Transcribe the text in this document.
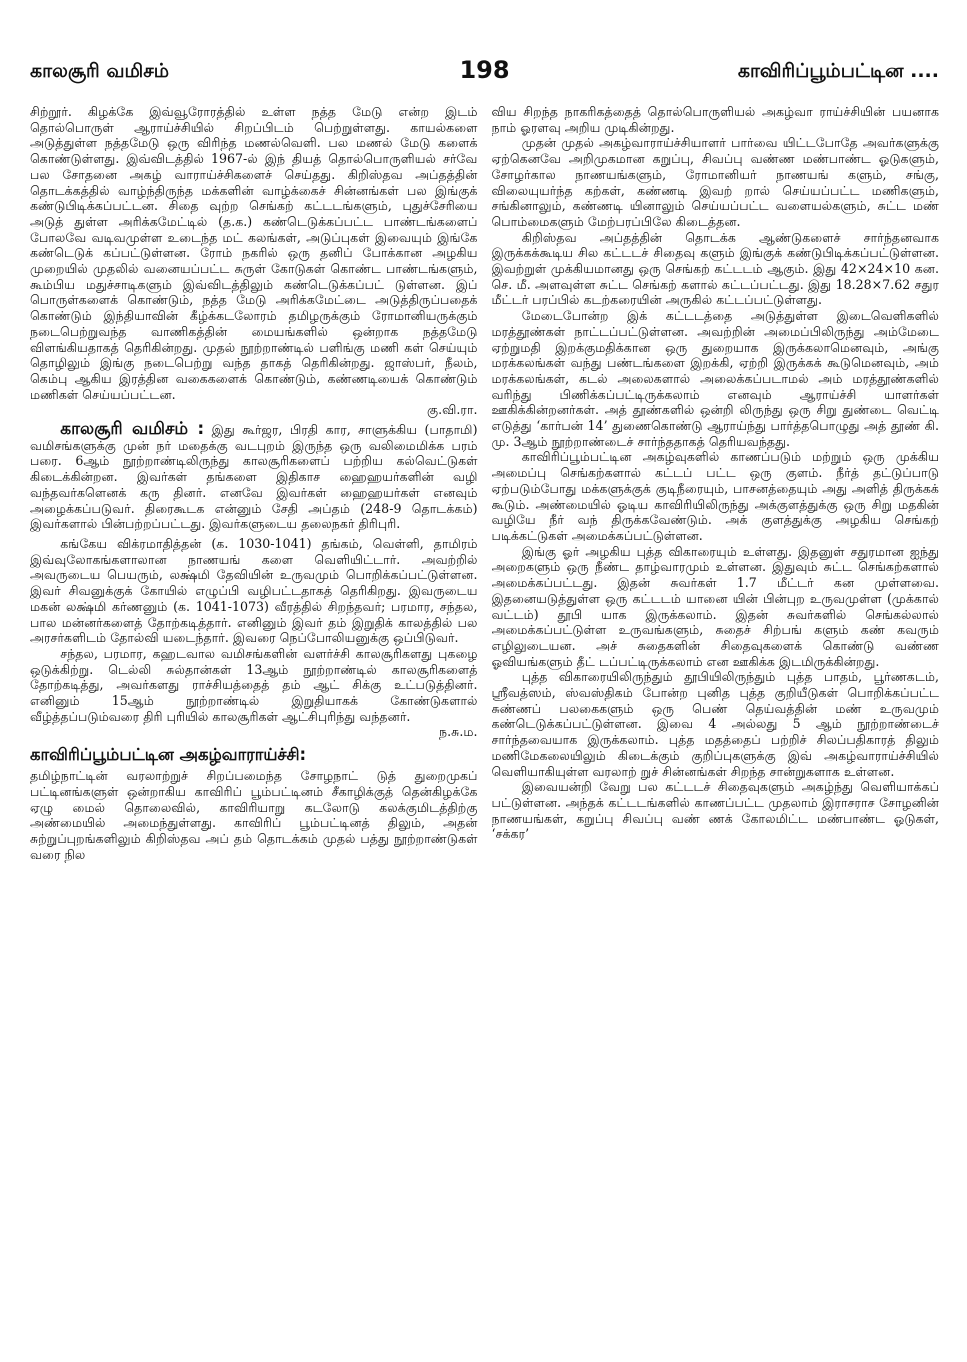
காலசூரி வமிசம்	198	காவிரிப்பூம்பட்டின ....

சிற்றூர். கிழக்கே இவ்வூரோரத்தில் உள்ள நத்த மேடு என்ற இடம் தொல்பொருள் ஆராய்ச்சியில் சிறப்பிடம் பெற்றுள்ளது. காயல்களை அடுத்துள்ள நத்தமேடு ஒரு விரிந்த மணல்வெளி. பல மணல் மேடு களைக் கொண்டுள்ளது. இவ்விடத்தில் 1967-ல் இந் தியத் தொல்பொருளியல் சர்வே பல சோதனை அகழ் வாராய்ச்சிகளைச் செய்தது. கிறிஸ்தவ அப்தத்தின் தொடக்கத்தில் வாழ்ந்திருந்த மக்களின் வாழ்க்கைச் சின்னங்கள் பல இங்குக் கண்டுபிடிக்கப்பட்டன. சிதை வுற்ற செங்கற் கட்டடங்களும், புதுச்சேரியை அடுத் துள்ள அரிக்கமேட்டில் (த.க.) கண்டெடுக்கப்பட்ட பாண்டங்களைப் போலவே வடிவமுள்ள உடைந்த மட் கலங்கள், அடுப்புகள் இவையும் இங்கே கண்டெடுக் கப்பட்டுள்ளன. ரோம் நகரில் ஒரு தனிப் போக்கான அழகிய முறையில் முதலில் வனையப்பட்ட சுருள் கோடுகள் கொண்ட பாண்டங்களும், கூம்பிய மதுச்சாடிகளும் இவ்விடத்திலும் கண்டெடுக்கப்பட் டுள்ளன. இப் பொருள்களைக் கொண்டும், நத்த மேடு அரிக்கமேட்டை அடுத்திருப்பதைக் கொண்டும் இந்தியாவின் கீழ்க்கடலோரம் தமிழருக்கும் ரோமானியருக்கும் நடைபெற்றுவந்த வாணிகத்தின் மையங்களில் ஒன்றாக நத்தமேடு விளங்கியதாகத் தெரிகின்றது. முதல் நூற்றாண்டில் பளிங்கு மணி கள் செய்யும் தொழிலும் இங்கு நடைபெற்று வந்த தாகத் தெரிகின்றது. ஜாஸ்பர், நீலம், கெம்பு ஆகிய இரத்தின வகைகளைக் கொண்டும், கண்ணடியைக் கொண்டும் மணிகள் செய்யப்பட்டன.

கு.வி.ரா.

காலசூரி வமிசம் : இது கூர்ஜர, பிரதி கார, சாளுக்கிய (பாதாமி) வமிசங்களுக்கு முன் நர் மதைக்கு வடபுறம் இருந்த ஒரு வலிமைமிக்க பரம் பரை. 6ஆம் நூற்றாண்டிலிருந்து காலசூரிகளைப் பற்றிய கல்வெட்டுகள் கிடைக்கின்றன. இவர்கள் தங்களை இதிகாச ஹைஹயர்களின் வழி வந்தவர்களெனக் கரு தினர். எனவே இவர்கள் ஹைஹயர்கள் எனவும் அழைக்கப்படுவர். திரைகூடக என்னும் சேதி அப்தம் (248-9 தொடக்கம்) இவர்களால் பின்பற்றப்பட்டது. இவர்களுடைய தலைநகர் திரிபுரி.

கங்கேய விக்ரமாதித்தன் (க. 1030-1041) தங்கம், வெள்ளி, தாமிரம் இவ்வுலோகங்களாலான நாணயங் களை வெளியிட்டார். அவற்றில் அவருடைய பெயரும், லக்ஷ்மி தேவியின் உருவமும் பொறிக்கப்பட்டுள்ளன. இவர் சிவனுக்குக் கோயில் எழுப்பி வழிபட்டதாகத் தெரிகிறது. இவருடைய மகன் லக்ஷ்மி கர்ணனும் (க. 1041-1073) வீரத்தில் சிறந்தவர்; பரமார, சந்தல, பால மன்னர்களைத் தோற்கடித்தார். எனினும் இவர் தம் இறுதிக் காலத்தில் பல அரசர்களிடம் தோல்வி யடைந்தார். இவரை நெப்போலியனுக்கு ஒப்பிடுவர்.

சந்தல, பரமார, கஹடவால வமிசங்களின் வளர்ச்சி காலசூரிகளது புகழை ஒடுக்கிற்று. டெல்லி சுல்தான்கள் 13ஆம் நூற்றாண்டில் காலசூரிகளைத் தோற்கடித்து, அவர்களது ராச்சியத்தைத் தம் ஆட் சிக்கு உட்படுத்தினர். எனினும் 15ஆம் நூற்றாண்டில் இறுதியாகக் கோண்டுகளால் வீழ்த்தப்படும்வரை திரி புரியில் காலசூரிகள் ஆட்சிபுரிந்து வந்தனர்.

ந.சு.ம.

காவிரிப்பூம்பட்டின அகழ்வாராய்ச்சி:

தமிழ்நாட்டின் வரலாற்றுச் சிறப்பமைந்த சோழநாட் டுத் துறைமுகப் பட்டினங்களுள் ஒன்றாகிய காவிரிப் பூம்பட்டினம் சீகாழிக்குத் தென்கிழக்கே ஏழு மைல் தொலைவில், காவிரியாறு கடலோடு கலக்குமிடத்திற்கு அண்மையில் அமைந்துள்ளது. காவிரிப் பூம்பட்டினத் திலும், அதன் சுற்றுப்புறங்களிலும் கிறிஸ்தவ அப் தம் தொடக்கம் முதல் பத்து நூற்றாண்டுகள் வரை நில

விய சிறந்த நாகரிகத்தைத் தொல்பொருளியல் அகழ்வா ராய்ச்சியின் பயனாக நாம் ஓரளவு அறிய முடிகின்றது.

முதன் முதல் அகழ்வாராய்ச்சியாளர் பார்வை யிட்டபோதே அவர்களுக்கு ஏற்கெனவே அறிமுகமான கறுப்பு, சிவப்பு வண்ண மண்பாண்ட ஓடுகளும், சோழர்கால நாணயங்களும், ரோமானியர் நாணயங் களும், சங்கு, விலையுயர்ந்த கற்கள், கண்ணடி இவற் றால் செய்யப்பட்ட மணிகளும், சங்கினாலும், கண்ணடி யினாலும் செய்யப்பட்ட வளையல்களும், சுட்ட மண் பொம்மைகளும் மேற்பரப்பிலே கிடைத்தன.

கிறிஸ்தவ அப்தத்தின் தொடக்க ஆண்டுகளைச் சார்ந்தனவாக இருக்கக்கூடிய சில கட்டடச் சிதைவு களும் இங்குக் கண்டுபிடிக்கப்பட்டுள்ளன. இவற்றுள் முக்கியமானது ஒரு செங்கற் கட்டடம் ஆகும். இது 42×24×10 கன. செ. மீ. அளவுள்ள சுட்ட செங்கற் களால் கட்டப்பட்டது. இது 18.28×7.62 சதுர மீட்டர் பரப்பில் கடற்கரையின் அருகில் கட்டப்பட்டுள்ளது.

மேடைபோன்ற இக் கட்டடத்தை அடுத்துள்ள இடைவெளிகளில் மரத்தூண்கள் நாட்டப்பட்டுள்ளன. அவற்றின் அமைப்பிலிருந்து அம்மேடை ஏற்றுமதி இறக்குமதிக்கான ஒரு துறையாக இருக்கலாமெனவும், அங்கு மரக்கலங்கள் வந்து பண்டங்களை இறக்கி, ஏற்றி இருக்கக் கூடுமெனவும், அம் மரக்கலங்கள், கடல் அலைகளால் அலைக்கப்படாமல் அம் மரத்தூண்களில் வரிந்து பிணிக்கப்பட்டிருக்கலாம் எனவும் ஆராய்ச்சி யாளர்கள் ஊகிக்கின்றனர்கள். அத் தூண்களில் ஒன்றி லிருந்து ஒரு சிறு துண்டை வெட்டி எடுத்து ‘கார்பன் 14’ துணைகொண்டு ஆராய்ந்து பார்த்தபொழுது அத் தூண் கி. மு. 3ஆம் நூற்றாண்டைச் சார்ந்ததாகத் தெரியவந்தது.

காவிரிப்பூம்பட்டின அகழ்வுகளில் காணப்படும் மற்றும் ஒரு முக்கிய அமைப்பு செங்கற்களால் கட்டப் பட்ட ஒரு குளம். நீர்த் தட்டுப்பாடு ஏற்படும்போது மக்களுக்குக் குடிநீரையும், பாசனத்தையும் அது அளித் திருக்கக் கூடும். அண்மையில் ஓடிய காவிரியிலிருந்து அக்குளத்துக்கு ஒரு சிறு மதகின் வழியே நீர் வந் திருக்கவேண்டும். அக் குளத்துக்கு அழகிய செங்கற் படிக்கட்டுகள் அமைக்கப்பட்டுள்ளன.

இங்கு ஓர் அழகிய புத்த விகாரையும் உள்ளது. இதனுள் சதுரமான ஐந்து அறைகளும் ஒரு நீண்ட தாழ்வாரமும் உள்ளன. இதுவும் சுட்ட செங்கற்களால் அமைக்கப்பட்டது. இதன் சுவர்கள் 1.7 மீட்டர் கன முள்ளவை. இதனையடுத்துள்ள ஒரு கட்டடம் யானை யின் பின்புற உருவமுள்ள (முக்கால் வட்டம்) தூபி யாக இருக்கலாம். இதன் சுவர்களில் செங்கல்லால் அமைக்கப்பட்டுள்ள உருவங்களும், சுதைச் சிற்பங் களும் கண் கவரும் எழிலுடையன. அச் சுதைகளின் சிதைவுகளைக் கொண்டு வண்ண ஓவியங்களும் தீட் டப்பட்டிருக்கலாம் என ஊகிக்க இடமிருக்கின்றது.

புத்த விகாரையிலிருந்தும் தூபியிலிருந்தும் புத்த பாதம், பூர்ணகடம், ஸ்ரீவத்ஸம், ஸ்வஸ்திகம் போன்ற புனித புத்த குறியீடுகள் பொறிக்கப்பட்ட சுண்ணப் பலகைகளும் ஒரு பெண் தெய்வத்தின் மண் உருவமும் கண்டெடுக்கப்பட்டுள்ளன. இவை 4 அல்லது 5 ஆம் நூற்றாண்டைச் சார்ந்தவையாக இருக்கலாம். புத்த மதத்தைப் பற்றிச் சிலப்பதிகாரத் திலும் மணிமேகலையிலும் கிடைக்கும் குறிப்புகளுக்கு இவ் அகழ்வாராய்ச்சியில் வெளியாகியுள்ள வரலாற் றுச் சின்னங்கள் சிறந்த சான்றுகளாக உள்ளன.

இவையன்றி வேறு பல கட்டடச் சிதைவுகளும் அகழ்ந்து வெளியாக்கப் பட்டுள்ளன. அந்தக் கட்டடங்களில் காணப்பட்ட முதலாம் இராசராச சோழனின் நாணயங்கள், கறுப்பு சிவப்பு வண் ணக் கோலமிட்ட மண்பாண்ட ஓடுகள், ‘சக்கர’
